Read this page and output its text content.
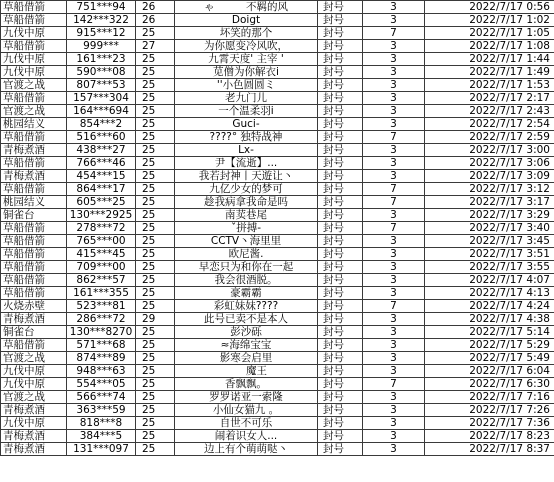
草船借箭	751***94	26	ゃ　　　不羁的风	封号	3	2022/7/17 0:56
草船借箭	142***322	26	Doigt	封号	3	2022/7/17 1:02
九伐中原	915***12	25	坏笑的那个	封号	7	2022/7/17 1:05
草船借箭	999***	27	为你愿变冷风吹，	封号	3	2022/7/17 1:08
九伐中原	161***23	25	九霄天度' 主宰 '	封号	3	2022/7/17 1:44
九伐中原	590***08	25	苋僧为你解衣i	封号	3	2022/7/17 1:49
官渡之战	807***53	25	''小色圆圆ミ	封号	3	2022/7/17 1:53
草船借箭	157***304	25	老九门儿	封号	3	2022/7/17 2:17
官渡之战	164***694	25	一个温柔羽i	封号	3	2022/7/17 2:43
桃园结义	854***2	25	Guci-	封号	3	2022/7/17 2:54
草船借箭	516***60	25	????° 独特战神	封号	7	2022/7/17 2:59
青梅煮酒	438***27	25	Lx-	封号	3	2022/7/17 3:00
草船借箭	766***46	25	尹【流逝】...	封号	3	2022/7/17 3:06
青梅煮酒	454***15	25	我若封神丨天遊让丶	封号	3	2022/7/17 3:09
草船借箭	864***17	25	九亿少女的梦可	封号	7	2022/7/17 3:12
桃园结义	605***25	25	趁我病拿我命是吗	封号	7	2022/7/17 3:17
铜雀台	130***2925	25	南荬巷尾	封号	3	2022/7/17 3:29
草船借箭	278***72	25	ˇ拼搏-	封号	7	2022/7/17 3:40
草船借箭	765***00	25	CCTV丶海里里	封号	3	2022/7/17 3:45
草船借箭	415***45	25	欧尼酱.	封号	3	2022/7/17 3:51
草船借箭	709***00	25	早恋只为和你在一起	封号	3	2022/7/17 3:55
草船借箭	862***57	25	我会很酒脱。	封号	3	2022/7/17 4:07
草船借箭	161***355	25	豪霸霸	封号	3	2022/7/17 4:13
火烧赤壁	523***81	25	彩虹妹妹????	封号	7	2022/7/17 4:24
青梅煮酒	286***72	29	此号已卖不是本人	封号	3	2022/7/17 4:38
铜雀台	130***8270	25	彭沙砾	封号	3	2022/7/17 5:14
草船借箭	571***68	25	≈海绵宝宝	封号	3	2022/7/17 5:29
官渡之战	874***89	25	影寒会启里	封号	3	2022/7/17 5:49
九伐中原	948***63	25	　　魔王	封号	3	2022/7/17 6:04
九伐中原	554***05	25	香飘飘。	封号	7	2022/7/17 6:30
官渡之战	566***74	25	罗罗诺亚一索隆	封号	3	2022/7/17 7:16
青梅煮酒	363***59	25	小仙女猫九 。	封号	3	2022/7/17 7:26
九伐中原	818***8	25	自世不可乐	封号	3	2022/7/17 7:36
青梅煮酒	384***5	25	闹着识女人...	封号	3	2022/7/17 8:23
青梅煮酒	131***097	25	边上有个萌萌哒丶	封号	3	2022/7/17 8:37
